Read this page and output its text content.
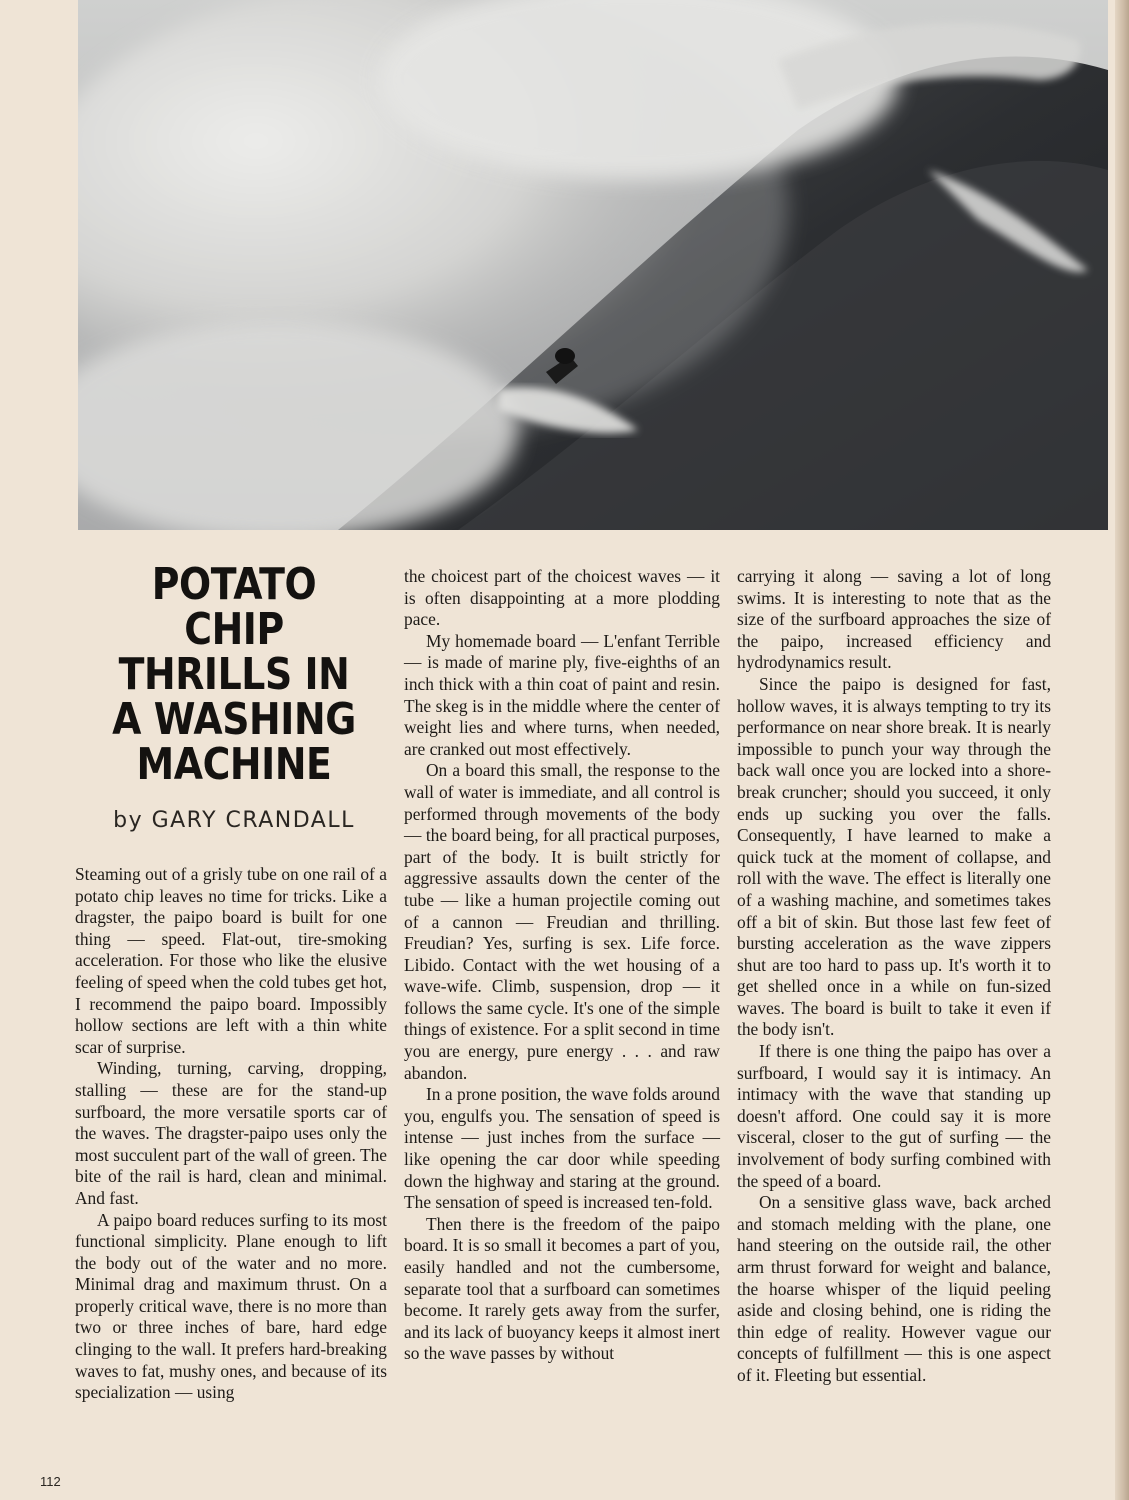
POTATO CHIP THRILLS IN A WASHING MACHINE
by GARY CRANDALL

Steaming out of a grisly tube on one rail of a potato chip leaves no time for tricks. Like a dragster, the paipo board is built for one thing — speed. Flat-out, tire-smoking acceleration. For those who like the elusive feeling of speed when the cold tubes get hot, I recommend the paipo board. Impossibly hollow sections are left with a thin white scar of surprise.

Winding, turning, carving, dropping, stalling — these are for the stand-up surfboard, the more versatile sports car of the waves. The dragster-paipo uses only the most succulent part of the wall of green. The bite of the rail is hard, clean and minimal. And fast.

A paipo board reduces surfing to its most functional simplicity. Plane enough to lift the body out of the water and no more. Minimal drag and maximum thrust. On a properly critical wave, there is no more than two or three inches of bare, hard edge clinging to the wall. It prefers hard-breaking waves to fat, mushy ones, and because of its specialization — using

the choicest part of the choicest waves — it is often disappointing at a more plodding pace.

My homemade board — L'enfant Terrible — is made of marine ply, five-eighths of an inch thick with a thin coat of paint and resin. The skeg is in the middle where the center of weight lies and where turns, when needed, are cranked out most effectively.

On a board this small, the response to the wall of water is immediate, and all control is performed through movements of the body — the board being, for all practical purposes, part of the body. It is built strictly for aggressive assaults down the center of the tube — like a human projectile coming out of a cannon — Freudian and thrilling. Freudian? Yes, surfing is sex. Life force. Libido. Contact with the wet housing of a wave-wife. Climb, suspension, drop — it follows the same cycle. It's one of the simple things of existence. For a split second in time you are energy, pure energy . . . and raw abandon.

In a prone position, the wave folds around you, engulfs you. The sensation of speed is intense — just inches from the surface — like opening the car door while speeding down the highway and staring at the ground. The sensation of speed is increased ten-fold.

Then there is the freedom of the paipo board. It is so small it becomes a part of you, easily handled and not the cumbersome, separate tool that a surfboard can sometimes become. It rarely gets away from the surfer, and its lack of buoyancy keeps it almost inert so the wave passes by without

carrying it along — saving a lot of long swims. It is interesting to note that as the size of the surfboard approaches the size of the paipo, increased efficiency and hydrodynamics result.

Since the paipo is designed for fast, hollow waves, it is always tempting to try its performance on near shore break. It is nearly impossible to punch your way through the back wall once you are locked into a shore-break cruncher; should you succeed, it only ends up sucking you over the falls. Consequently, I have learned to make a quick tuck at the moment of collapse, and roll with the wave. The effect is literally one of a washing machine, and sometimes takes off a bit of skin. But those last few feet of bursting acceleration as the wave zippers shut are too hard to pass up. It's worth it to get shelled once in a while on fun-sized waves. The board is built to take it even if the body isn't.

If there is one thing the paipo has over a surfboard, I would say it is intimacy. An intimacy with the wave that standing up doesn't afford. One could say it is more visceral, closer to the gut of surfing — the involvement of body surfing combined with the speed of a board.

On a sensitive glass wave, back arched and stomach melding with the plane, one hand steering on the outside rail, the other arm thrust forward for weight and balance, the hoarse whisper of the liquid peeling aside and closing behind, one is riding the thin edge of reality. However vague our concepts of fulfillment — this is one aspect of it. Fleeting but essential.

112
